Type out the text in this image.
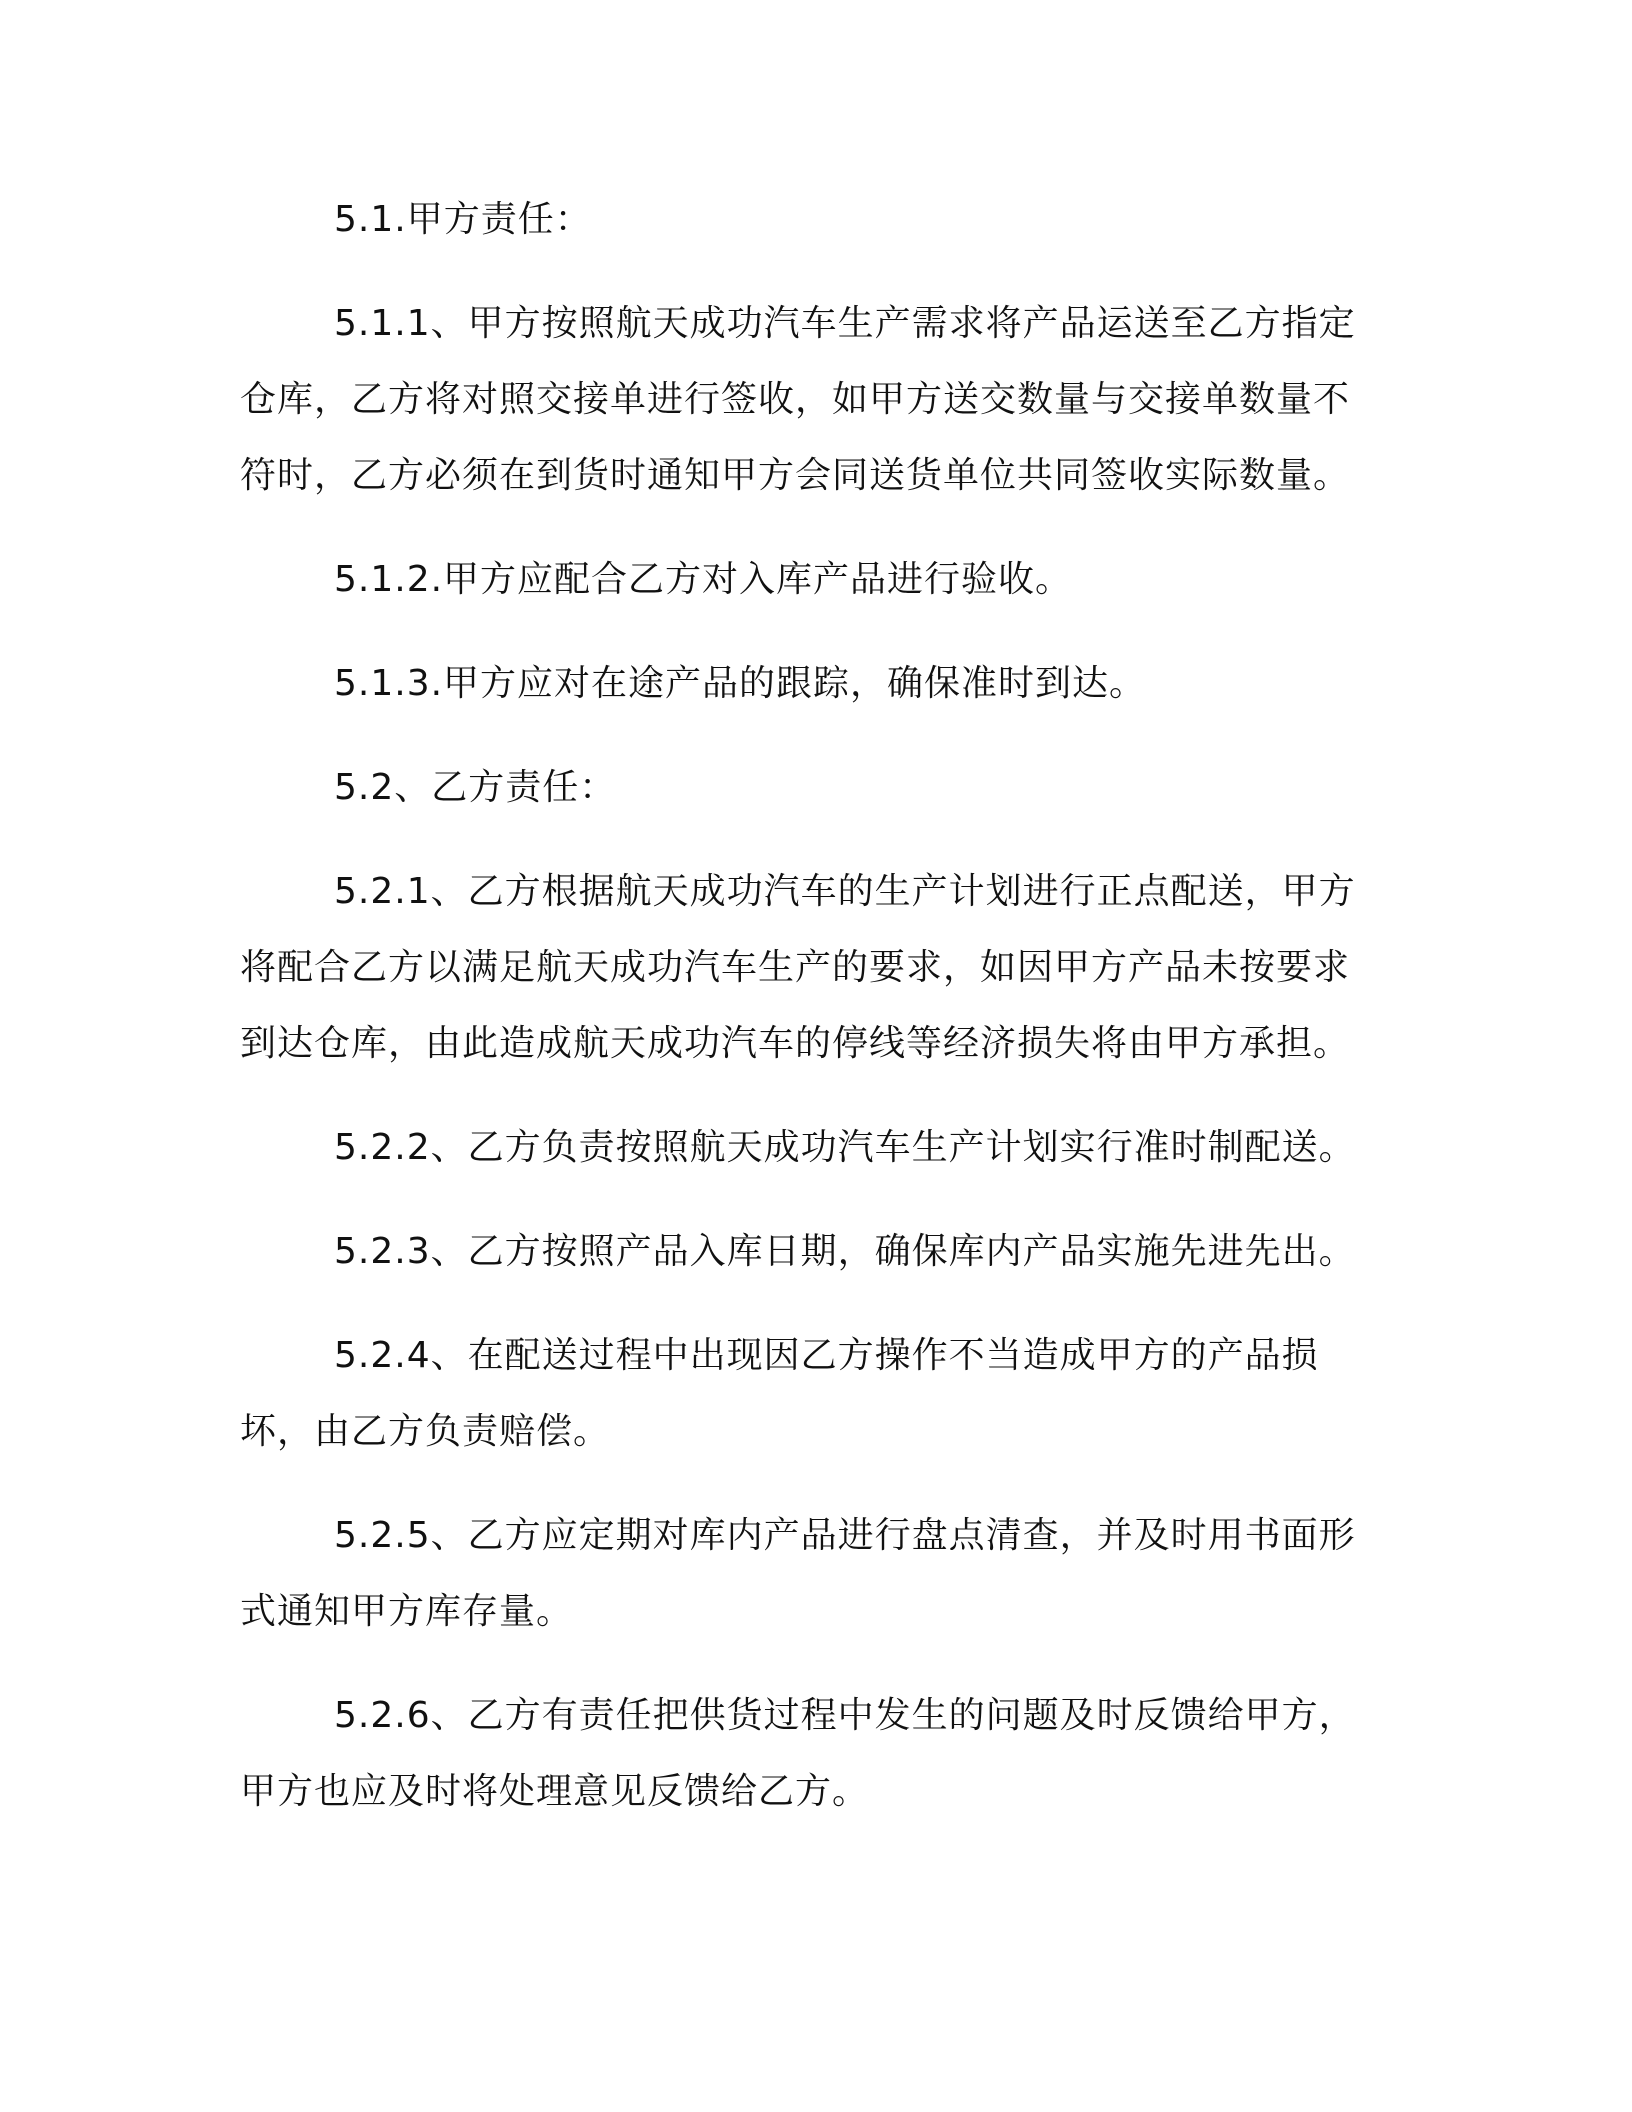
5.1.甲方责任：

5.1.1、甲方按照航天成功汽车生产需求将产品运送至乙方指定仓库，乙方将对照交接单进行签收，如甲方送交数量与交接单数量不符时，乙方必须在到货时通知甲方会同送货单位共同签收实际数量。

5.1.2.甲方应配合乙方对入库产品进行验收。

5.1.3.甲方应对在途产品的跟踪，确保准时到达。

5.2、乙方责任：

5.2.1、乙方根据航天成功汽车的生产计划进行正点配送，甲方将配合乙方以满足航天成功汽车生产的要求，如因甲方产品未按要求到达仓库，由此造成航天成功汽车的停线等经济损失将由甲方承担。

5.2.2、乙方负责按照航天成功汽车生产计划实行准时制配送。

5.2.3、乙方按照产品入库日期，确保库内产品实施先进先出。

5.2.4、在配送过程中出现因乙方操作不当造成甲方的产品损坏，由乙方负责赔偿。

5.2.5、乙方应定期对库内产品进行盘点清查，并及时用书面形式通知甲方库存量。

5.2.6、乙方有责任把供货过程中发生的问题及时反馈给甲方，甲方也应及时将处理意见反馈给乙方。
